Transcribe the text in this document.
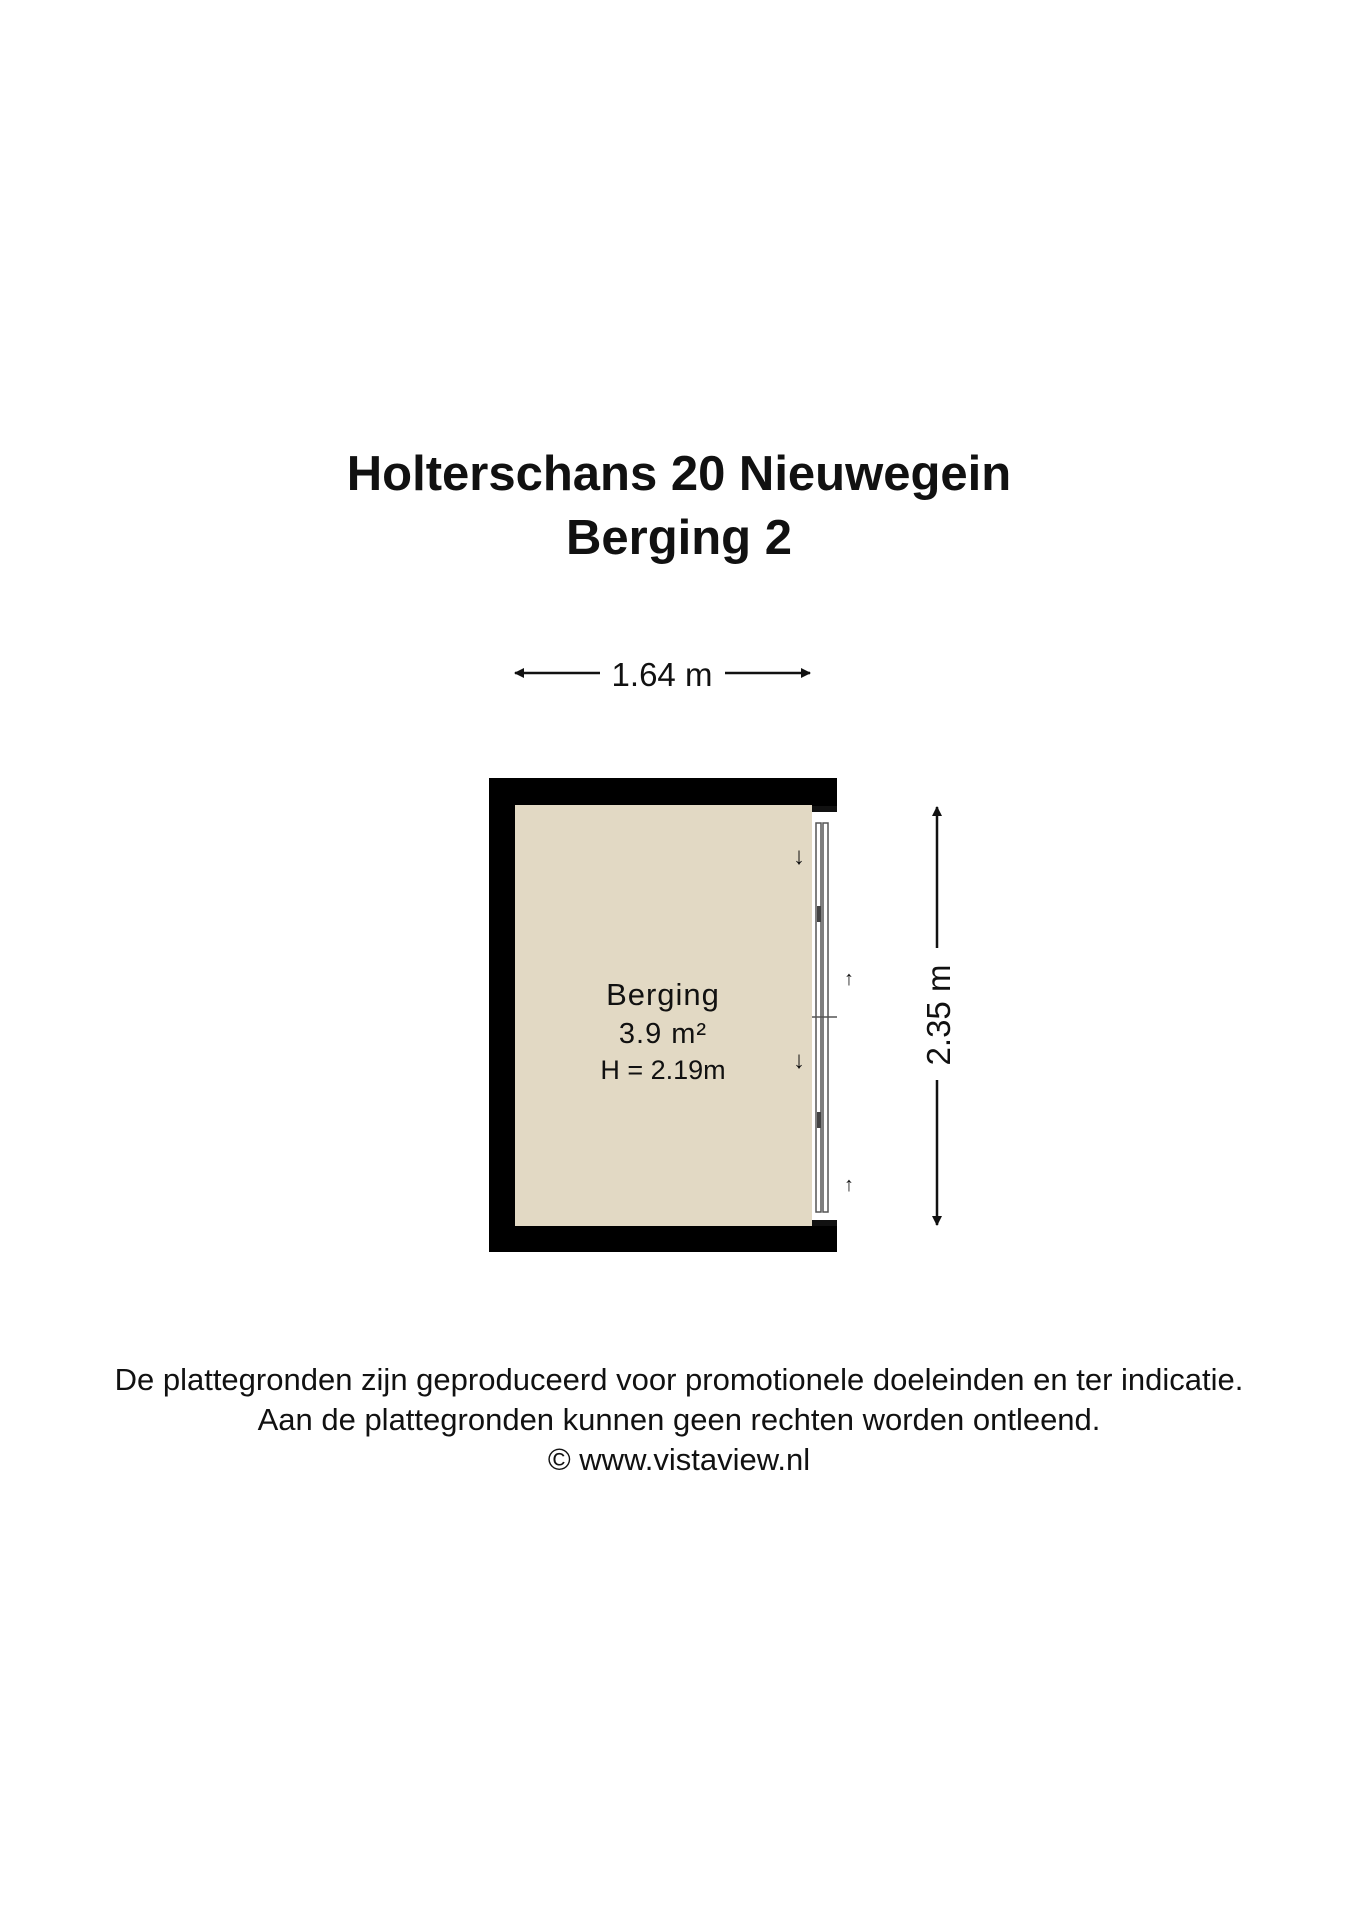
Holterschans 20 Nieuwegein
Berging 2
1.64 m
2.35 m
↓
↓
↑
↑
Berging
3.9 m²
H = 2.19m
De plattegronden zijn geproduceerd voor promotionele doeleinden en ter indicatie.
Aan de plattegronden kunnen geen rechten worden ontleend.
© www.vistaview.nl
